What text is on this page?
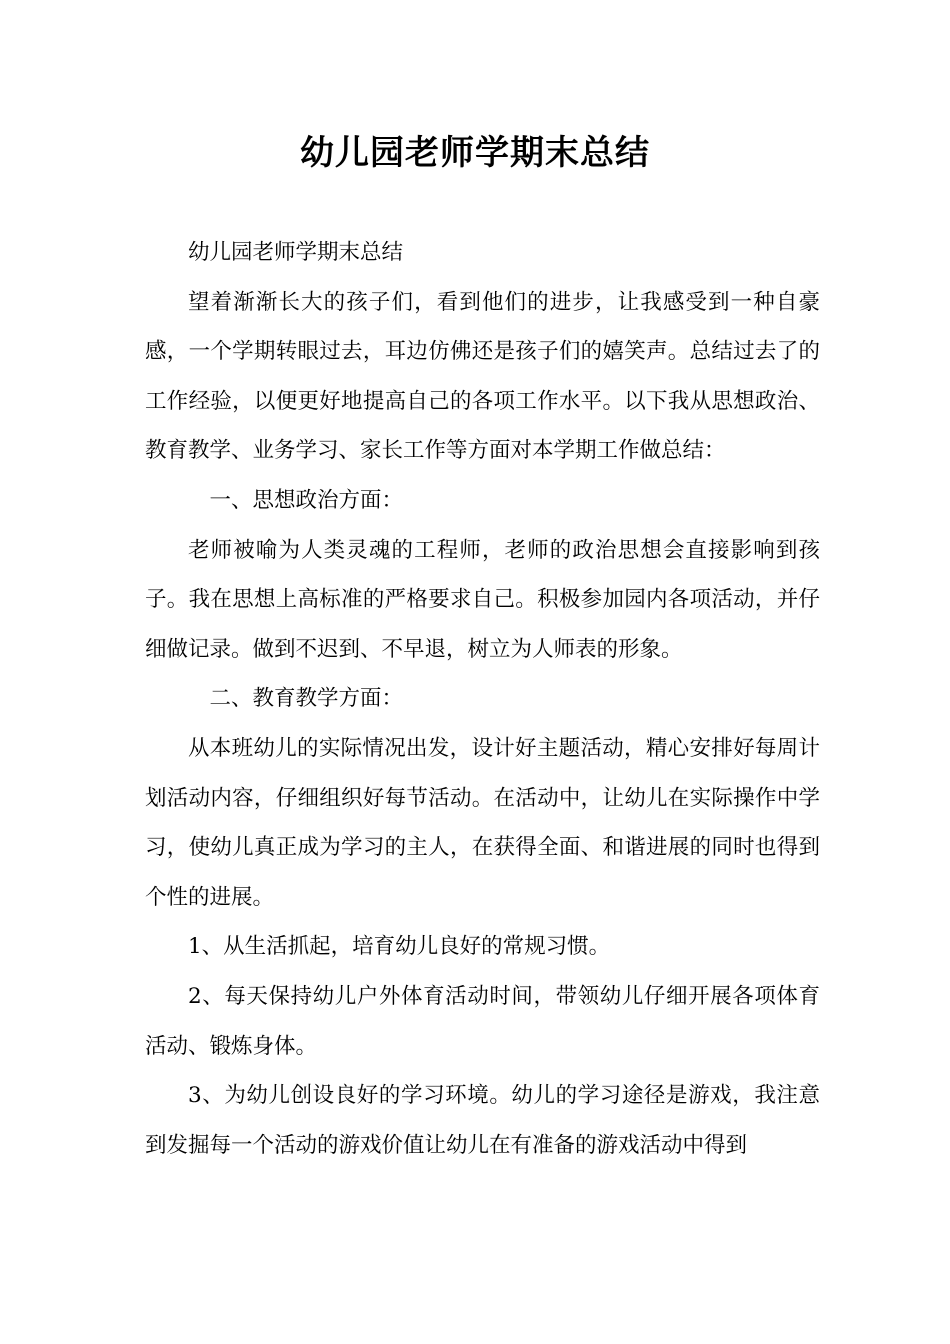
幼儿园老师学期末总结

幼儿园老师学期末总结

望着渐渐长大的孩子们，看到他们的进步，让我感受到一种自豪感，一个学期转眼过去，耳边仿佛还是孩子们的嬉笑声。总结过去了的工作经验，以便更好地提高自己的各项工作水平。以下我从思想政治、教育教学、业务学习、家长工作等方面对本学期工作做总结：

一、思想政治方面：

老师被喻为人类灵魂的工程师，老师的政治思想会直接影响到孩子。我在思想上高标准的严格要求自己。积极参加园内各项活动，并仔细做记录。做到不迟到、不早退，树立为人师表的形象。

二、教育教学方面：

从本班幼儿的实际情况出发，设计好主题活动，精心安排好每周计划活动内容，仔细组织好每节活动。在活动中，让幼儿在实际操作中学习，使幼儿真正成为学习的主人，在获得全面、和谐进展的同时也得到个性的进展。

1、从生活抓起，培育幼儿良好的常规习惯。

2、每天保持幼儿户外体育活动时间，带领幼儿仔细开展各项体育活动、锻炼身体。

3、为幼儿创设良好的学习环境。幼儿的学习途径是游戏，我注意到发掘每一个活动的游戏价值让幼儿在有准备的游戏活动中得到
